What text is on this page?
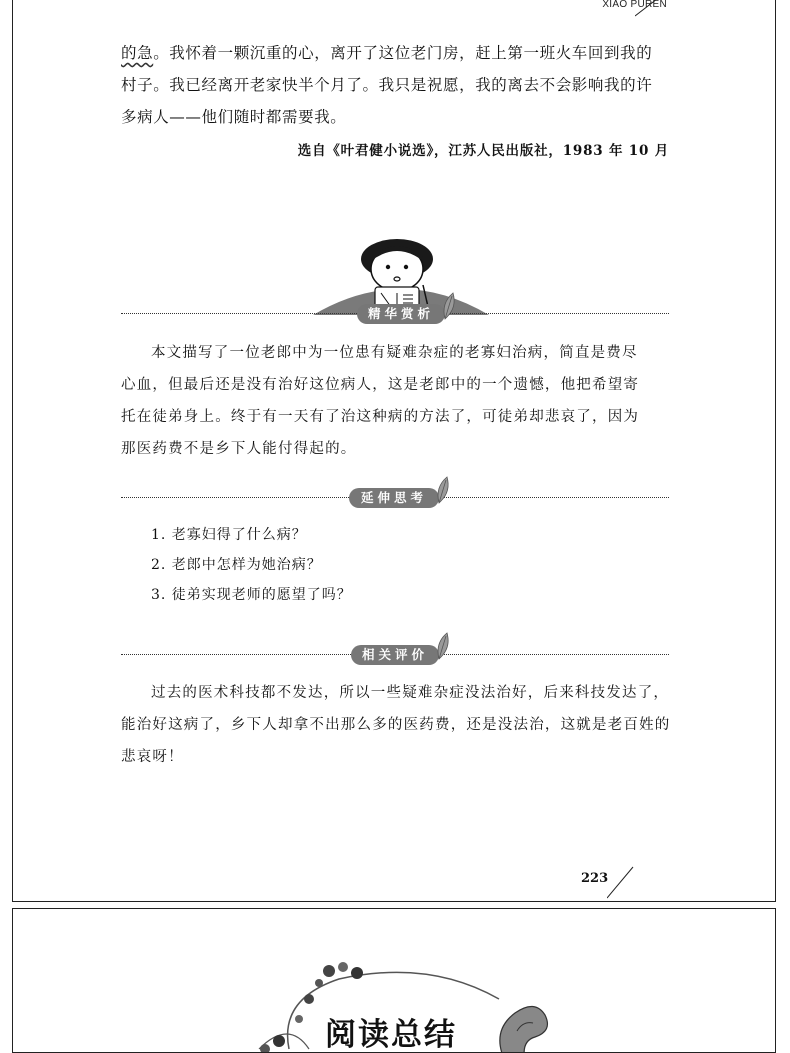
XIAO PUREN
的急。我怀着一颗沉重的心，离开了这位老门房，赶上第一班火车回到我的
村子。我已经离开老家快半个月了。我只是祝愿，我的离去不会影响我的许
多病人——他们随时都需要我。
选自《叶君健小说选》，江苏人民出版社，1983 年 10 月
精华赏析
本文描写了一位老郎中为一位患有疑难杂症的老寡妇治病，简直是费尽
心血，但最后还是没有治好这位病人，这是老郎中的一个遗憾，他把希望寄
托在徒弟身上。终于有一天有了治这种病的方法了，可徒弟却悲哀了，因为
那医药费不是乡下人能付得起的。
延伸思考
1. 老寡妇得了什么病？
2. 老郎中怎样为她治病？
3. 徒弟实现老师的愿望了吗？
相关评价
过去的医术科技都不发达，所以一些疑难杂症没法治好，后来科技发达了，
能治好这病了，乡下人却拿不出那么多的医药费，还是没法治，这就是老百姓的
悲哀呀！
223
阅读总结
